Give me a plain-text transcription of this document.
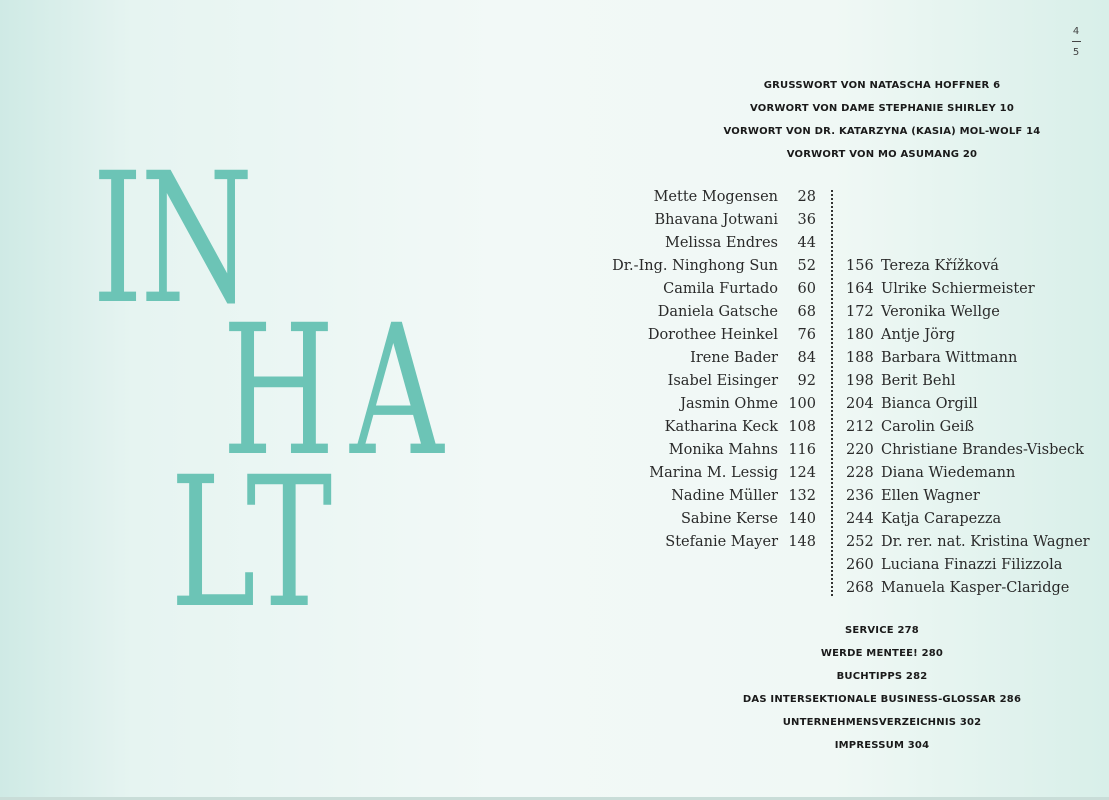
I
N
H A
L
T
4
5
GRUSSWORT VON NATASCHA HOFFNER 6
VORWORT VON DAME STEPHANIE SHIRLEY 10
VORWORT VON DR. KATARZYNA (KASIA) MOL-WOLF 14
VORWORT VON MO ASUMANG 20
Mette Mogensen 28
Bhavana Jotwani 36
Melissa Endres 44
Dr.-Ing. Ninghong Sun 52
Camila Furtado 60
Daniela Gatsche 68
Dorothee Heinkel 76
Irene Bader 84
Isabel Eisinger 92
Jasmin Ohme 100
Katharina Keck 108
Monika Mahns 116
Marina M. Lessig 124
Nadine Müller 132
Sabine Kerse 140
Stefanie Mayer 148
156 Tereza Křížková
164 Ulrike Schiermeister
172 Veronika Wellge
180 Antje Jörg
188 Barbara Wittmann
198 Berit Behl
204 Bianca Orgill
212 Carolin Geiß
220 Christiane Brandes-Visbeck
228 Diana Wiedemann
236 Ellen Wagner
244 Katja Carapezza
252 Dr. rer. nat. Kristina Wagner
260 Luciana Finazzi Filizzola
268 Manuela Kasper-Claridge
SERVICE 278
WERDE MENTEE! 280
BUCHTIPPS 282
DAS INTERSEKTIONALE BUSINESS-GLOSSAR 286
UNTERNEHMENSVERZEICHNIS 302
IMPRESSUM 304
